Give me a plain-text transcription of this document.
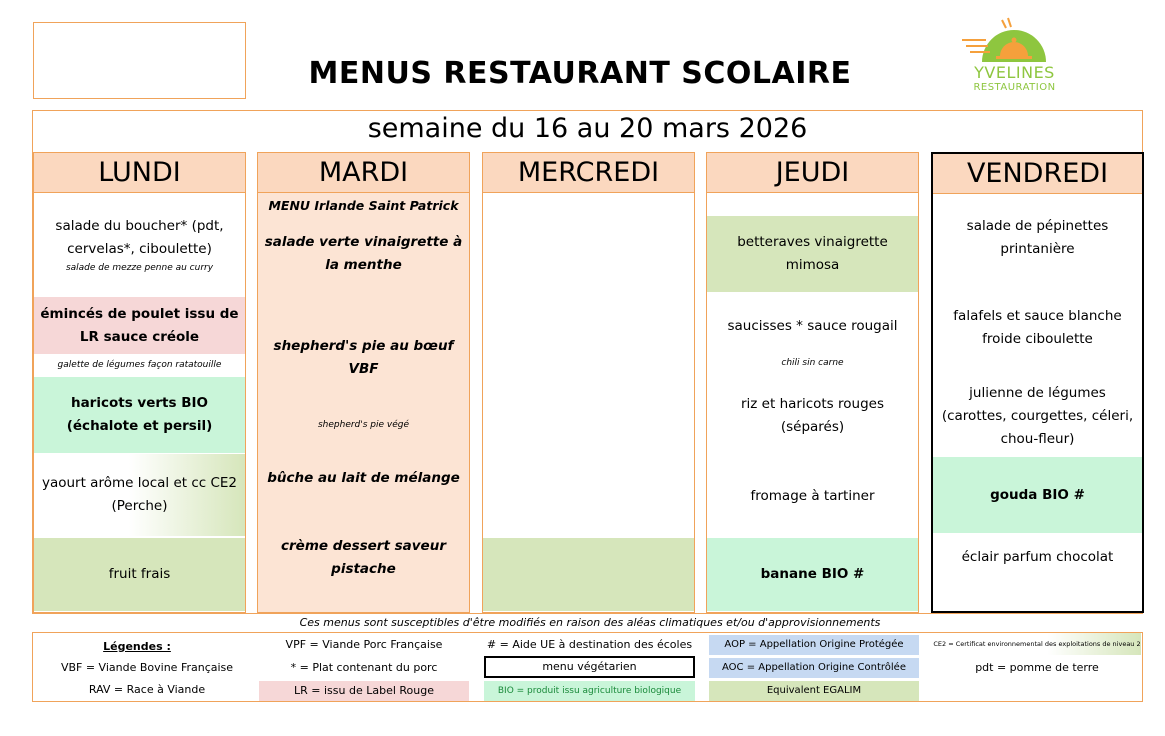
MENUS RESTAURANT SCOLAIRE	YVELINES
RESTAURATION
semaine du 16 au 20 mars 2026
LUNDI
salade du boucher* (pdt, cervelas*, ciboulette)
salade de mezze penne au curry
émincés de poulet issu de LR sauce créole
galette de légumes façon ratatouille
haricots verts BIO (échalote et persil)
yaourt arôme local et cc CE2 (Perche)
fruit frais
MARDI
MENU Irlande Saint Patrick
salade verte vinaigrette à la menthe
shepherd's pie au bœuf VBF
shepherd's pie végé
bûche au lait de mélange
crème dessert saveur pistache
MERCREDI	JEUDI
betteraves vinaigrette mimosa
saucisses * sauce rougail
chili sin carne
riz et haricots rouges (séparés)
fromage à tartiner
banane BIO #
VENDREDI
salade de pépinettes printanière
falafels et sauce blanche froide ciboulette
julienne de légumes (carottes, courgettes, céleri, chou-fleur)
gouda BIO #
éclair parfum chocolat
Ces menus sont susceptibles d'être modifiés en raison des aléas climatiques et/ou d'approvisionnements
Légendes :
VBF = Viande Bovine Française
RAV = Race à Viande
VPF = Viande Porc Française
* = Plat contenant du porc
LR = issu de Label Rouge
# = Aide UE à destination des écoles
menu végétarien
BIO = produit issu agriculture biologique
AOP = Appellation Origine Protégée
AOC = Appellation Origine Contrôlée
Equivalent EGALIM
CE2 = Certificat environnemental des exploitations de niveau 2
pdt = pomme de terre
